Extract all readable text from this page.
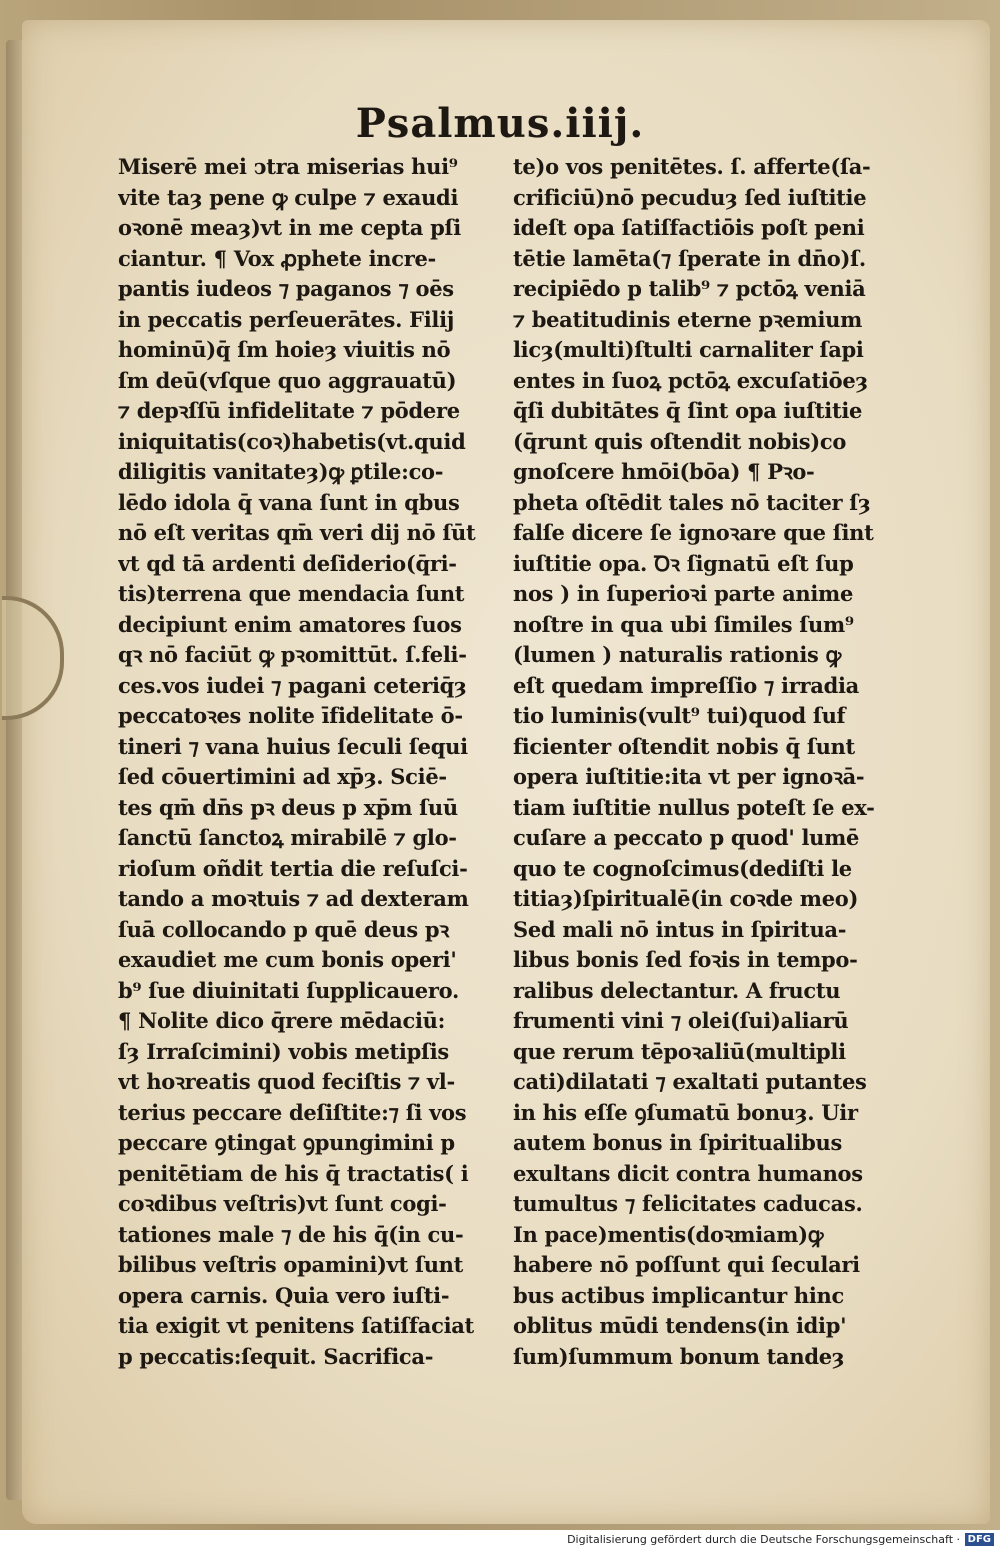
Psalmus.iiij.
Miserē mei ↄtra miserias hui⁹
vite taȝ pene ꝙ culpe ⁊ exaudi
oꝛonē meaȝ)vt in me cepta pſi
ciantur. ¶ Vox ꝓphete incre-
pantis iudeos ⁊ paganos ⁊ oēs
in peccatis perſeuerātes. Filij
hominū)q̄ ſm hoieȝ viuitis nō
ſm deū(vſque quo aggrauatū)
⁊ depꝛſſū infidelitate ⁊ pōdere
iniquitatis(coꝛ)habetis(vt.quid
diligitis vanitateȝ)ꝙ ꝑtile:co-
lēdo idola q̄ vana ſunt in qbus
nō eſt veritas qm̄ veri dij nō ſūt
vt qd tā ardenti deſiderio(q̄ri-
tis)terrena que mendacia ſunt
decipiunt enim amatores ſuos
qꝛ nō faciūt ꝙ pꝛomittūt. ſ.feli-
ces.vos iudei ⁊ pagani ceteriq̄ȝ
peccatoꝛes nolite īfidelitate ō-
tineri ⁊ vana huius ſeculi ſequi
ſed cōuertimini ad xp̄ȝ. Sciē-
tes qm̄ dn̄s pꝛ deus p xp̄m ſuū
ſanctū ſanctoꝝ mirabilē ⁊ glo-
rioſum oñdit tertia die reſuſci-
tando a moꝛtuis ⁊ ad dexteram
ſuā collocando p quē deus pꝛ
exaudiet me cum bonis operi'
b⁹ ſue diuinitati ſupplicauero.
¶ Nolite dico q̄rere mēdaciū:
ſȝ Irraſcimini) vobis metipſis
vt hoꝛreatis quod feciſtis ⁊ vl-
terius peccare deſiſtite:⁊ ſi vos
peccare ꝯtingat ꝯpungimini p
penitētiam de his q̄ tractatis( i
coꝛdibus veſtris)vt ſunt cogi-
tationes male ⁊ de his q̄(in cu-
bilibus veſtris opamini)vt ſunt
opera carnis. Quia vero iuſti-
tia exigit vt penitens ſatiſfaciat
p peccatis:ſequit. Sacrifica-
te)o vos penitētes. ſ. afferte(ſa-
crificiū)nō pecuduȝ ſed iuſtitie
ideſt opa ſatiſfactiōis poſt peni
tētie lamēta(⁊ ſperate in dn̄o)ſ.
recipiēdo p talib⁹ ⁊ pctōꝝ veniā
⁊ beatitudinis eterne pꝛemium
licȝ(multi)ſtulti carnaliter ſapi
entes in ſuoꝝ pctōꝝ excuſatiōeȝ
q̄ſi dubitātes q̄ ſint opa iuſtitie
(q̄runt quis oſtendit nobis)co
gnoſcere hmōi(bōa) ¶ Pꝛo-
pheta oſtēdit tales nō taciter ſȝ
falſe dicere ſe ignoꝛare que ſint
iuſtitie opa. Ꝺꝛ ſignatū eſt ſup
nos ) in ſuperioꝛi parte anime
noſtre in qua ubi ſimiles ſum⁹
(lumen ) naturalis rationis ꝙ
eſt quedam impreſſio ⁊ irradia
tio luminis(vult⁹ tui)quod ſuf
ficienter oſtendit nobis q̄ ſunt
opera iuſtitie:ita vt per ignoꝛā-
tiam iuſtitie nullus poteſt ſe ex-
cuſare a peccato p quod' lumē
quo te cognoſcimus(dediſti le
titiaȝ)ſpiritualē(in coꝛde meo)
Sed mali nō intus in ſpiritua-
libus bonis ſed foꝛis in tempo-
ralibus delectantur. A fructu
frumenti vini ⁊ olei(ſui)aliarū
que rerum tēpoꝛaliū(multipli
cati)dilatati ⁊ exaltati putantes
in his eſſe ꝯſumatū bonuȝ. Uir
autem bonus in ſpiritualibus
exultans dicit contra humanos
tumultus ⁊ felicitates caducas.
In pace)mentis(doꝛmiam)ꝙ
habere nō poſſunt qui ſeculari
bus actibus implicantur hinc
oblitus mūdi tendens(in idip'
ſum)ſummum bonum tandeȝ
Digitalisierung gefördert durch die Deutsche Forschungsgemeinschaft · DFG
